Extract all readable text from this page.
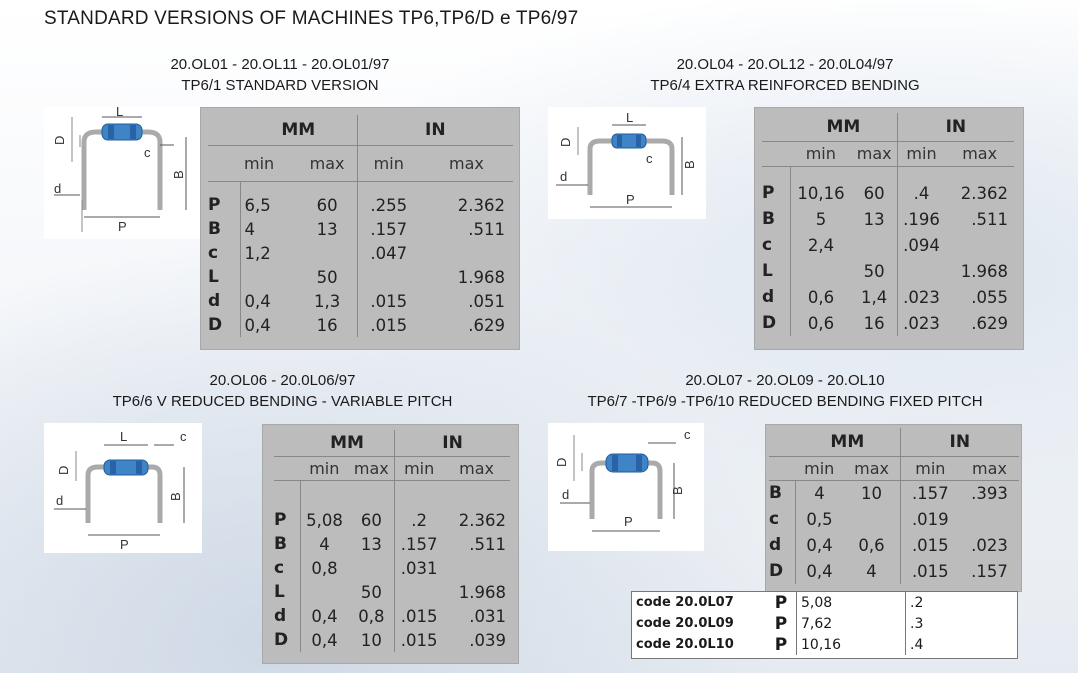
STANDARD VERSIONS OF MACHINES TP6,TP6/D e TP6/97
20.OL01 - 20.OL11 - 20.OL01/97
TP6/1 STANDARD VERSION
L
D
c
d
B
P
	MM		IN	
	min	max	min	max

P	6,5	60	.255	2.362
B	4	13	.157	.511
c	1,2		.047	
L		50		1.968
d	0,4	1,3	.015	.051
D	0,4	16	.015	.629
20.OL04 - 20.OL12 - 20.0L04/97
TP6/4 EXTRA REINFORCED BENDING
L
D
c
d
B
P
	MM		IN	
	min	max	min	max

P	10,16	60	.4	2.362
B	5	13	.196	.511
c	2,4		.094	
L		50		1.968
d	0,6	1,4	.023	.055
D	0,6	16	.023	.629
20.OL06 - 20.0L06/97
TP6/6 V REDUCED BENDING - VARIABLE PITCH
L
D
c
d	B
P
	MM		IN	
	min	max	min	max

P	5,08	60	.2	2.362
B	4	13	.157	.511
c	0,8		.031	
L		50		1.968
d	0,4	0,8	.015	.031
D	0,4	10	.015	.039
20.OL07 - 20.OL09 - 20.OL10
TP6/7 -TP6/9 -TP6/10 REDUCED BENDING FIXED PITCH
D
c
d	B
P
	MM		IN	
	min	max	min	max
B	4	10	.157	.393
c	0,5		.019	
d	0,4	0,6	.015	.023
D	0,4	4	.015	.157
code 20.0L07	P	5,08	.2
code 20.0L09	P	7,62	.3
code 20.0L10	P	10,16	.4
